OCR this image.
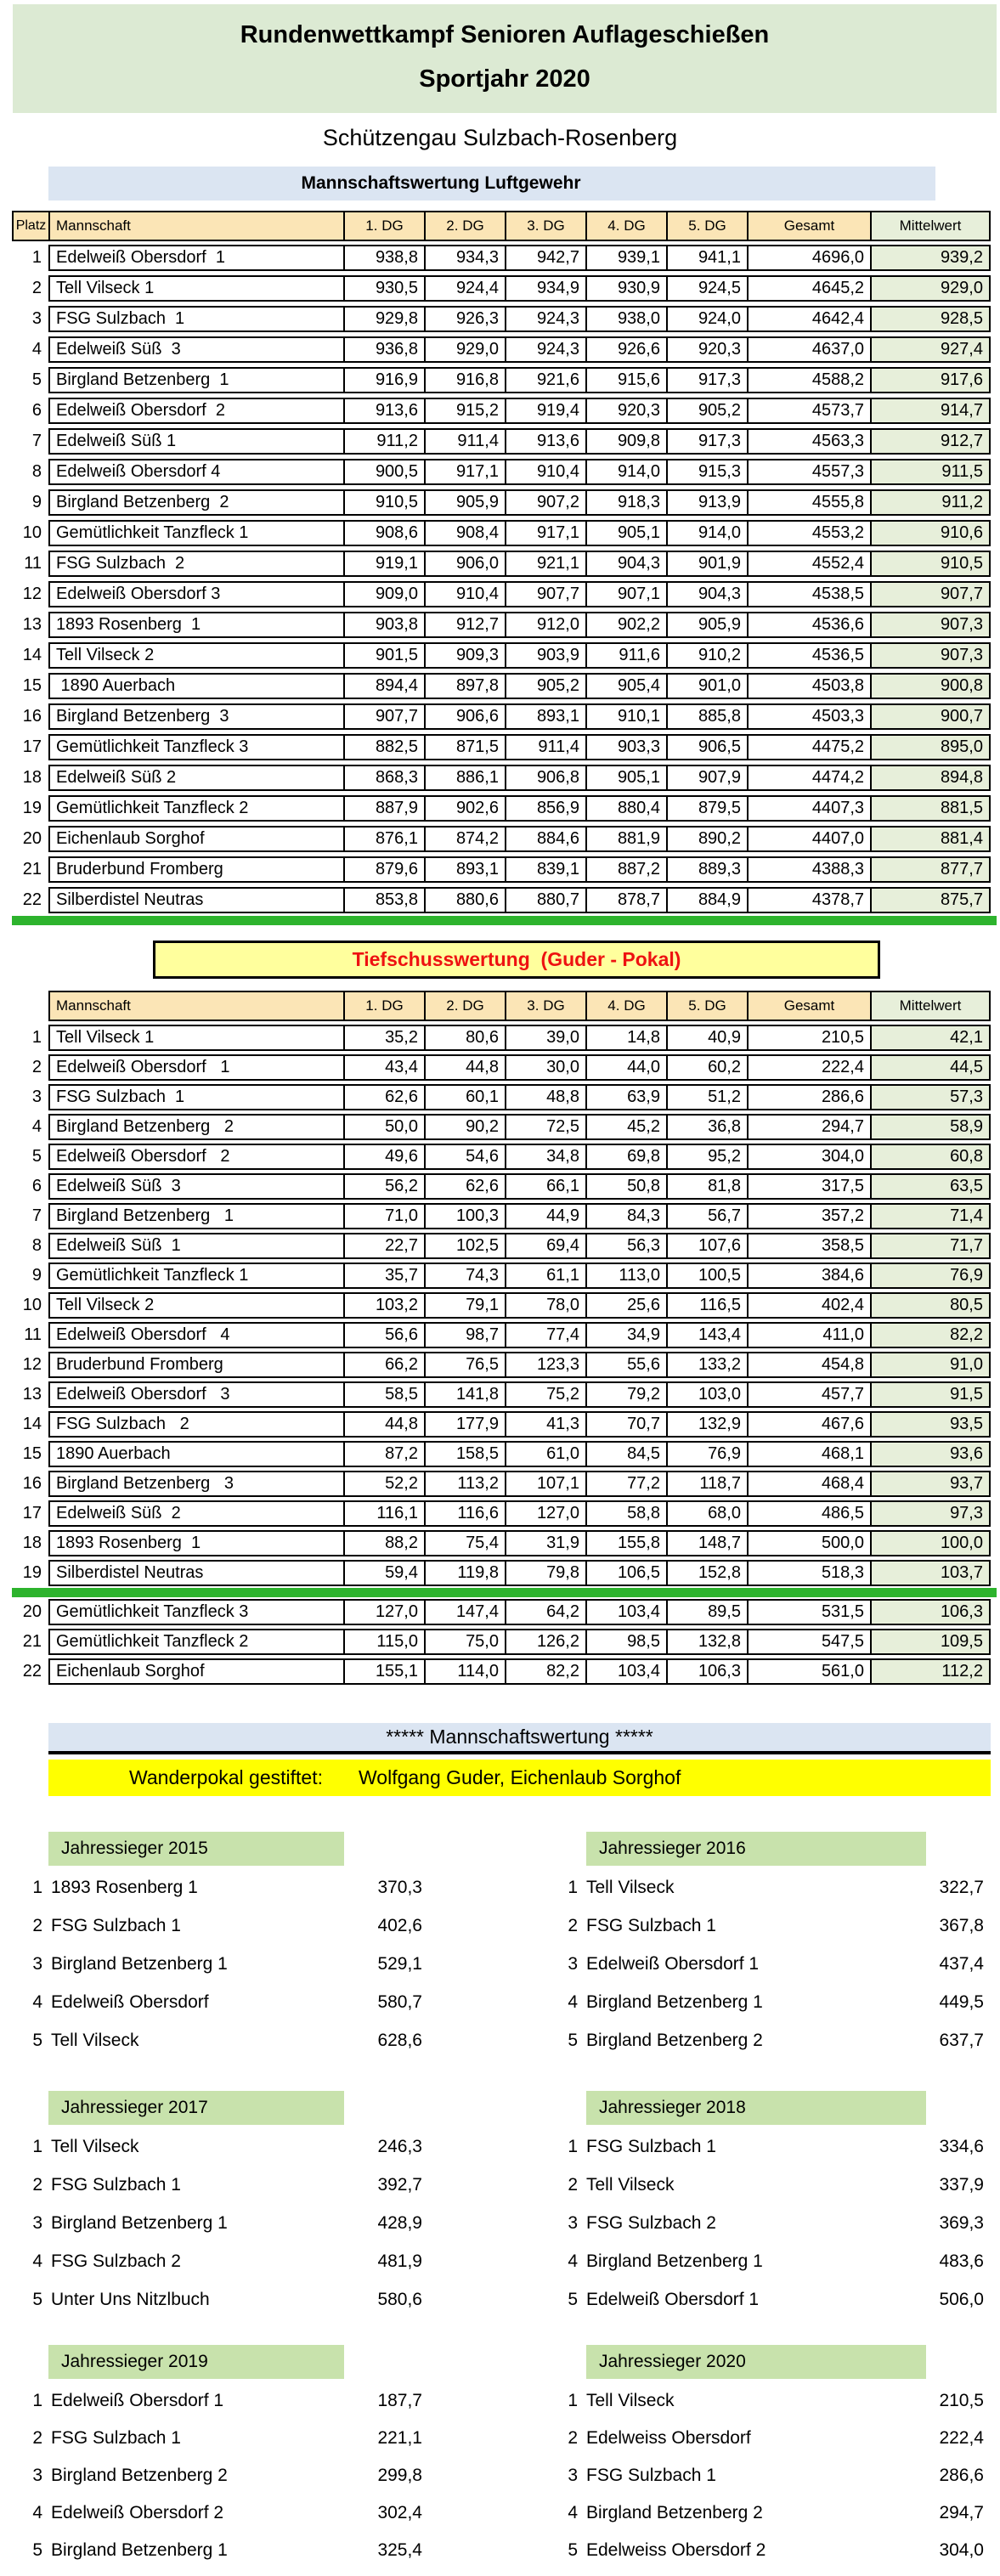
Rundenwettkampf Senioren Auflageschießen
Sportjahr 2020
Schützengau Sulzbach-Rosenberg
Mannschaftswertung Luftgewehr
Platz Mannschaft	1. DG	2. DG	3. DG	4. DG	5. DG	Gesamt	Mittelwert
1 Edelweiß Obersdorf  1	938,8	934,3	942,7	939,1	941,1	4696,0	939,2
2 Tell Vilseck 1	930,5	924,4	934,9	930,9	924,5	4645,2	929,0
3 FSG Sulzbach  1	929,8	926,3	924,3	938,0	924,0	4642,4	928,5
4 Edelweiß Süß  3	936,8	929,0	924,3	926,6	920,3	4637,0	927,4
5 Birgland Betzenberg  1	916,9	916,8	921,6	915,6	917,3	4588,2	917,6
6 Edelweiß Obersdorf  2	913,6	915,2	919,4	920,3	905,2	4573,7	914,7
7 Edelweiß Süß 1	911,2	911,4	913,6	909,8	917,3	4563,3	912,7
8 Edelweiß Obersdorf 4	900,5	917,1	910,4	914,0	915,3	4557,3	911,5
9 Birgland Betzenberg  2	910,5	905,9	907,2	918,3	913,9	4555,8	911,2
10 Gemütlichkeit Tanzfleck 1	908,6	908,4	917,1	905,1	914,0	4553,2	910,6
11 FSG Sulzbach  2	919,1	906,0	921,1	904,3	901,9	4552,4	910,5
12 Edelweiß Obersdorf 3	909,0	910,4	907,7	907,1	904,3	4538,5	907,7
13 1893 Rosenberg  1	903,8	912,7	912,0	902,2	905,9	4536,6	907,3
14 Tell Vilseck 2	901,5	909,3	903,9	911,6	910,2	4536,5	907,3
15 1890 Auerbach	894,4	897,8	905,2	905,4	901,0	4503,8	900,8
16 Birgland Betzenberg  3	907,7	906,6	893,1	910,1	885,8	4503,3	900,7
17 Gemütlichkeit Tanzfleck 3	882,5	871,5	911,4	903,3	906,5	4475,2	895,0
18 Edelweiß Süß 2	868,3	886,1	906,8	905,1	907,9	4474,2	894,8
19 Gemütlichkeit Tanzfleck 2	887,9	902,6	856,9	880,4	879,5	4407,3	881,5
20 Eichenlaub Sorghof	876,1	874,2	884,6	881,9	890,2	4407,0	881,4
21 Bruderbund Fromberg	879,6	893,1	839,1	887,2	889,3	4388,3	877,7
22 Silberdistel Neutras	853,8	880,6	880,7	878,7	884,9	4378,7	875,7
Tiefschusswertung  (Guder - Pokal)
Mannschaft	1. DG	2. DG	3. DG	4. DG	5. DG	Gesamt	Mittelwert
1 Tell Vilseck 1	35,2	80,6	39,0	14,8	40,9	210,5	42,1
2 Edelweiß Obersdorf   1	43,4	44,8	30,0	44,0	60,2	222,4	44,5
3 FSG Sulzbach  1	62,6	60,1	48,8	63,9	51,2	286,6	57,3
4 Birgland Betzenberg   2	50,0	90,2	72,5	45,2	36,8	294,7	58,9
5 Edelweiß Obersdorf   2	49,6	54,6	34,8	69,8	95,2	304,0	60,8
6 Edelweiß Süß  3	56,2	62,6	66,1	50,8	81,8	317,5	63,5
7 Birgland Betzenberg   1	71,0	100,3	44,9	84,3	56,7	357,2	71,4
8 Edelweiß Süß  1	22,7	102,5	69,4	56,3	107,6	358,5	71,7
9 Gemütlichkeit Tanzfleck 1	35,7	74,3	61,1	113,0	100,5	384,6	76,9
10 Tell Vilseck 2	103,2	79,1	78,0	25,6	116,5	402,4	80,5
11 Edelweiß Obersdorf   4	56,6	98,7	77,4	34,9	143,4	411,0	82,2
12 Bruderbund Fromberg	66,2	76,5	123,3	55,6	133,2	454,8	91,0
13 Edelweiß Obersdorf   3	58,5	141,8	75,2	79,2	103,0	457,7	91,5
14 FSG Sulzbach   2	44,8	177,9	41,3	70,7	132,9	467,6	93,5
15 1890 Auerbach	87,2	158,5	61,0	84,5	76,9	468,1	93,6
16 Birgland Betzenberg   3	52,2	113,2	107,1	77,2	118,7	468,4	93,7
17 Edelweiß Süß  2	116,1	116,6	127,0	58,8	68,0	486,5	97,3
18 1893 Rosenberg  1	88,2	75,4	31,9	155,8	148,7	500,0	100,0
19 Silberdistel Neutras	59,4	119,8	79,8	106,5	152,8	518,3	103,7
20 Gemütlichkeit Tanzfleck 3	127,0	147,4	64,2	103,4	89,5	531,5	106,3
21 Gemütlichkeit Tanzfleck 2	115,0	75,0	126,2	98,5	132,8	547,5	109,5
22 Eichenlaub Sorghof	155,1	114,0	82,2	103,4	106,3	561,0	112,2
***** Mannschaftswertung *****
Wanderpokal gestiftet: Wolfgang Guder, Eichenlaub Sorghof
Jahressieger 2015
1 1893 Rosenberg 1	370,3
2 FSG Sulzbach 1	402,6
3 Birgland Betzenberg 1	529,1
4 Edelweiß Obersdorf	580,7
5 Tell Vilseck	628,6
Jahressieger 2016
1 Tell Vilseck	322,7
2 FSG Sulzbach 1	367,8
3 Edelweiß Obersdorf 1	437,4
4 Birgland Betzenberg 1	449,5
5 Birgland Betzenberg 2	637,7
Jahressieger 2017
1 Tell Vilseck	246,3
2 FSG Sulzbach 1	392,7
3 Birgland Betzenberg 1	428,9
4 FSG Sulzbach 2	481,9
5 Unter Uns Nitzlbuch	580,6
Jahressieger 2018
1 FSG Sulzbach 1	334,6
2 Tell Vilseck	337,9
3 FSG Sulzbach 2	369,3
4 Birgland Betzenberg 1	483,6
5 Edelweiß Obersdorf 1	506,0
Jahressieger 2019
1 Edelweiß Obersdorf 1	187,7
2 FSG Sulzbach 1	221,1
3 Birgland Betzenberg 2	299,8
4 Edelweiß Obersdorf 2	302,4
5 Birgland Betzenberg 1	325,4
Jahressieger 2020
1 Tell Vilseck	210,5
2 Edelweiss Obersdorf	222,4
3 FSG Sulzbach 1	286,6
4 Birgland Betzenberg 2	294,7
5 Edelweiss Obersdorf 2	304,0
